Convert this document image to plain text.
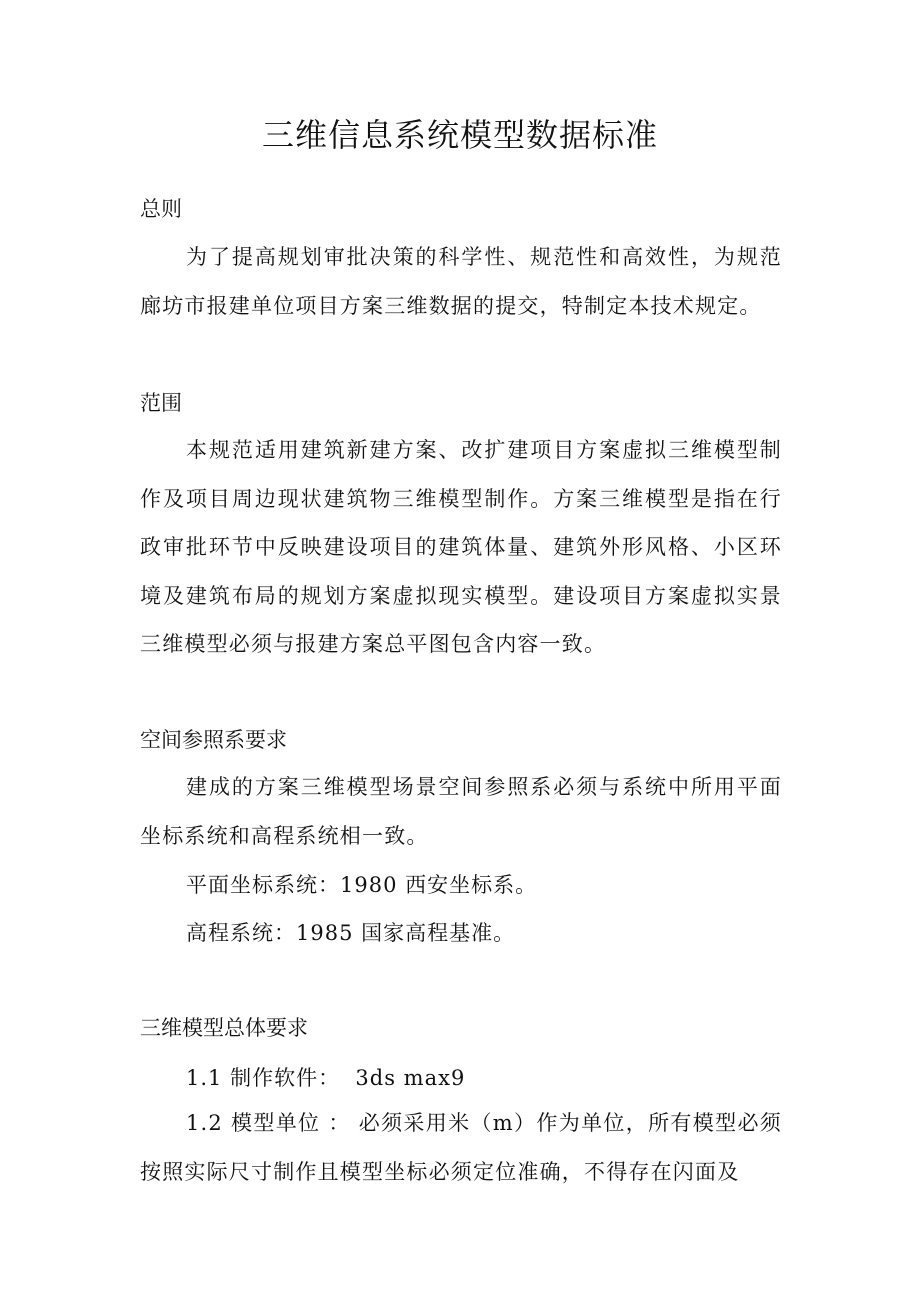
三维信息系统模型数据标准
总则

为了提高规划审批决策的科学性、规范性和高效性，为规范廊坊市报建单位项目方案三维数据的提交，特制定本技术规定。

范围

本规范适用建筑新建方案、改扩建项目方案虚拟三维模型制作及项目周边现状建筑物三维模型制作。方案三维模型是指在行政审批环节中反映建设项目的建筑体量、建筑外形风格、小区环境及建筑布局的规划方案虚拟现实模型。建设项目方案虚拟实景三维模型必须与报建方案总平图包含内容一致。

空间参照系要求

建成的方案三维模型场景空间参照系必须与系统中所用平面坐标系统和高程系统相一致。

平面坐标系统：1980 西安坐标系。
高程系统：1985 国家高程基准。
三维模型总体要求
1.1 制作软件：  3ds max9

1.2 模型单位 ： 必须采用米（m）作为单位，所有模型必须按照实际尺寸制作且模型坐标必须定位准确，不得存在闪面及
